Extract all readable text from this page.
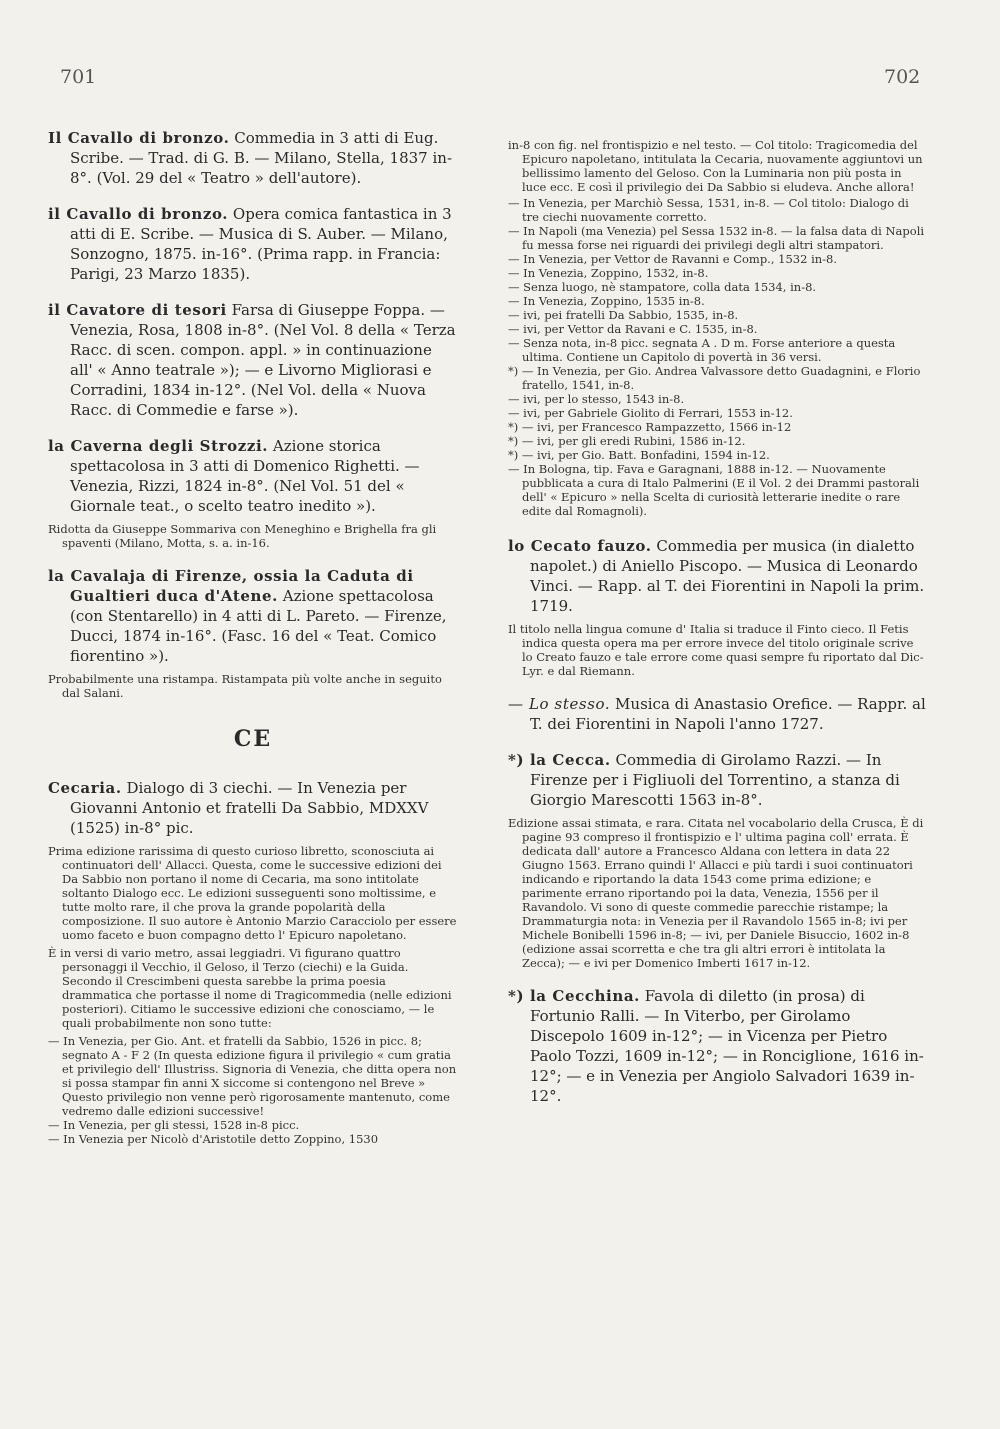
701	702
Il Cavallo di bronzo. Commedia in 3 atti di Eug. Scribe. — Trad. di G. B. — Milano, Stella, 1837 in-8°. (Vol. 29 del « Teatro » dell'autore).
il Cavallo di bronzo. Opera comica fantastica in 3 atti di E. Scribe. — Musica di S. Auber. — Milano, Sonzogno, 1875. in-16°. (Prima rapp. in Francia: Parigi, 23 Marzo 1835).
il Cavatore di tesori Farsa di Giuseppe Foppa. — Venezia, Rosa, 1808 in-8°. (Nel Vol. 8 della « Terza Racc. di scen. compon. appl. » in continuazione all' « Anno teatrale »); — e Livorno Migliorasi e Corradini, 1834 in-12°. (Nel Vol. della « Nuova Racc. di Commedie e farse »).
la Caverna degli Strozzi. Azione storica spettacolosa in 3 atti di Domenico Righetti. — Venezia, Rizzi, 1824 in-8°. (Nel Vol. 51 del « Giornale teat., o scelto teatro inedito »).
Ridotta da Giuseppe Sommariva con Meneghino e Brighella fra gli spaventi (Milano, Motta, s. a. in-16.
la Cavalaja di Firenze, ossia la Caduta di Gualtieri duca d'Atene. Azione spettacolosa (con Stentarello) in 4 atti di L. Pareto. — Firenze, Ducci, 1874 in-16°. (Fasc. 16 del « Teat. Comico fiorentino »).
Probabilmente una ristampa. Ristampata più volte anche in seguito dal Salani.
CE
Cecaria. Dialogo di 3 ciechi. — In Venezia per Giovanni Antonio et fratelli Da Sabbio, MDXXV (1525) in-8° pic.
Prima edizione rarissima di questo curioso libretto, sconosciuta ai continuatori dell' Allacci. Questa, come le successive edizioni dei Da Sabbio non portano il nome di Cecaria, ma sono intitolate soltanto Dialogo ecc. Le edizioni susseguenti sono moltissime, e tutte molto rare, il che prova la grande popolarità della composizione. Il suo autore è Antonio Marzio Caracciolo per essere uomo faceto e buon compagno detto l' Epicuro napoletano.
È in versi di vario metro, assai leggiadri. Vi figurano quattro personaggi il Vecchio, il Geloso, il Terzo (ciechi) e la Guida. Secondo il Crescimbeni questa sarebbe la prima poesia drammatica che portasse il nome di Tragicommedia (nelle edizioni posteriori). Citiamo le successive edizioni che conosciamo, — le quali probabilmente non sono tutte:
— In Venezia, per Gio. Ant. et fratelli da Sabbio, 1526 in picc. 8; segnato A - F 2 (In questa edizione figura il privilegio « cum gratia et privilegio dell' Illustriss. Signoria di Venezia, che ditta opera non si possa stampar fin anni X siccome si contengono nel Breve » Questo privilegio non venne però rigorosamente mantenuto, come vedremo dalle edizioni successive!
— In Venezia, per gli stessi, 1528 in-8 picc.
— In Venezia per Nicolò d'Aristotile detto Zoppino, 1530
in-8 con fig. nel frontispizio e nel testo. — Col titolo: Tragicomedia del Epicuro napoletano, intitulata la Cecaria, nuovamente aggiuntovi un bellissimo lamento del Geloso. Con la Luminaria non più posta in luce ecc. E così il privilegio dei Da Sabbio si eludeva. Anche allora!
— In Venezia, per Marchiò Sessa, 1531, in-8. — Col titolo: Dialogo di tre ciechi nuovamente corretto.
— In Napoli (ma Venezia) pel Sessa 1532 in-8. — la falsa data di Napoli fu messa forse nei riguardi dei privilegi degli altri stampatori.
— In Venezia, per Vettor de Ravanni e Comp., 1532 in-8.
— In Venezia, Zoppino, 1532, in-8.
— Senza luogo, nè stampatore, colla data 1534, in-8.
— In Venezia, Zoppino, 1535 in-8.
— ivi, pei fratelli Da Sabbio, 1535, in-8.
— ivi, per Vettor da Ravani e C. 1535, in-8.
— Senza nota, in-8 picc. segnata A . D m. Forse anteriore a questa ultima. Contiene un Capitolo di povertà in 36 versi.
*) — In Venezia, per Gio. Andrea Valvassore detto Guadagnini, e Florio fratello, 1541, in-8.
— ivi, per lo stesso, 1543 in-8.
— ivi, per Gabriele Giolito di Ferrari, 1553 in-12.
*) — ivi, per Francesco Rampazzetto, 1566 in-12
*) — ivi, per gli eredi Rubini, 1586 in-12.
*) — ivi, per Gio. Batt. Bonfadini, 1594 in-12.
— In Bologna, tip. Fava e Garagnani, 1888 in-12. — Nuovamente pubblicata a cura di Italo Palmerini (E il Vol. 2 dei Drammi pastorali dell' « Epicuro » nella Scelta di curiosità letterarie inedite o rare edite dal Romagnoli).
lo Cecato fauzo. Commedia per musica (in dialetto napolet.) di Aniello Piscopo. — Musica di Leonardo Vinci. — Rapp. al T. dei Fiorentini in Napoli la prim. 1719.
Il titolo nella lingua comune d' Italia si traduce il Finto cieco. Il Fetis indica questa opera ma per errore invece del titolo originale scrive lo Creato fauzo e tale errore come quasi sempre fu riportato dal Dic-Lyr. e dal Riemann.
— Lo stesso. Musica di Anastasio Orefice. — Rappr. al T. dei Fiorentini in Napoli l'anno 1727.
*) la Cecca. Commedia di Girolamo Razzi. — In Firenze per i Figliuoli del Torrentino, a stanza di Giorgio Marescotti 1563 in-8°.
Edizione assai stimata, e rara. Citata nel vocabolario della Crusca, È di pagine 93 compreso il frontispizio e l' ultima pagina coll' errata. È dedicata dall' autore a Francesco Aldana con lettera in data 22 Giugno 1563. Errano quindi l' Allacci e più tardi i suoi continuatori indicando e riportando la data 1543 come prima edizione; e parimente errano riportando poi la data, Venezia, 1556 per il Ravandolo. Vi sono di queste commedie parecchie ristampe; la Drammaturgia nota: in Venezia per il Ravandolo 1565 in-8; ivi per Michele Bonibelli 1596 in-8; — ivi, per Daniele Bisuccio, 1602 in-8 (edizione assai scorretta e che tra gli altri errori è intitolata la Zecca); — e ivi per Domenico Imberti 1617 in-12.
*) la Cecchina. Favola di diletto (in prosa) di Fortunio Ralli. — In Viterbo, per Girolamo Discepolo 1609 in-12°; — in Vicenza per Pietro Paolo Tozzi, 1609 in-12°; — in Ronciglione, 1616 in-12°; — e in Venezia per Angiolo Salvadori 1639 in-12°.
